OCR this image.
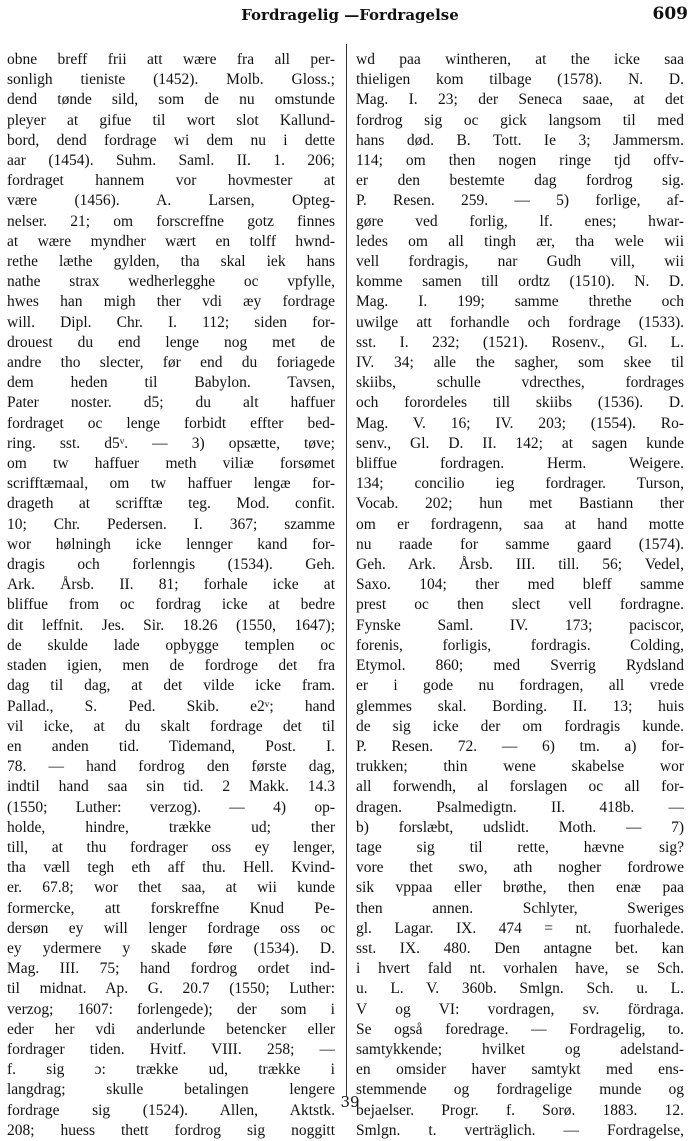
Fordragelig —Fordragelse	609
obne breff frii att wære fra all per-
sonligh tieniste (1452). Molb. Gloss.;
dend tønde sild, som de nu omstunde
pleyer at gifue til wort slot Kallund-
bord, dend fordrage wi dem nu i dette
aar (1454). Suhm. Saml. II. 1. 206;
fordraget hannem vor hovmester at
være (1456). A. Larsen, Opteg-
nelser. 21; om forscreffne gotz finnes
at wære myndher wært en tolff hwnd-
rethe læthe gylden, tha skal iek hans
nathe strax wedherlegghe oc vpfylle,
hwes han migh ther vdi æy fordrage
will. Dipl. Chr. I. 112; siden for-
drouest du end lenge nog met de
andre tho slecter, før end du foriagede
dem heden til Babylon. Tavsen,
Pater noster. d5; du alt haffuer
fordraget oc lenge forbidt effter bed-
ring. sst. d5ᵛ. — 3) opsætte, tøve;
om tw haffuer meth viliæ forsømet
scrifftæmaal, om tw haffuer lengæ for-
drageth at scrifftæ teg. Mod. confit.
10; Chr. Pedersen. I. 367; szamme
wor hølningh icke lennger kand for-
dragis och forlenngis (1534). Geh.
Ark. Årsb. II. 81; forhale icke at
bliffue from oc fordrag icke at bedre
dit leffnit. Jes. Sir. 18.26 (1550, 1647);
de skulde lade opbygge templen oc
staden igien, men de fordroge det fra
dag til dag, at det vilde icke fram.
Pallad., S. Ped. Skib. e2ᵛ; hand
vil icke, at du skalt fordrage det til
en anden tid. Tidemand, Post. I.
78. — hand fordrog den første dag,
indtil hand saa sin tid. 2 Makk. 14.3
(1550; Luther: verzog). — 4) op-
holde, hindre, trække ud; ther
till, at thu fordrager oss ey lenger,
tha væll tegh eth aff thu. Hell. Kvind-
er. 67.8; wor thet saa, at wii kunde
formercke, att forskreffne Knud Pe-
dersøn ey will lenger fordrage oss oc
ey ydermere y skade føre (1534). D.
Mag. III. 75; hand fordrog ordet ind-
til midnat. Ap. G. 20.7 (1550; Luther:
verzog; 1607: forlengede); der som i
eder her vdi anderlunde betencker eller
fordrager tiden. Hvitf. VIII. 258; —
f. sig ɔ: trække ud, trække i
langdrag; skulle betalingen lengere
fordrage sig (1524). Allen, Aktstk.
208; huess thett fordrog sig noggitt
wd paa wintheren, at the icke saa
thieligen kom tilbage (1578). N. D.
Mag. I. 23; der Seneca saae, at det
fordrog sig oc gick langsom til med
hans død. B. Tott. Ie 3; Jammersm.
114; om then nogen ringe tjd offv-
er den bestemte dag fordrog sig.
P. Resen. 259. — 5) forlige, af-
gøre ved forlig, lf. enes; hwar-
ledes om all tingh ær, tha wele wii
vell fordragis, nar Gudh vill, wii
komme samen till ordtz (1510). N. D.
Mag. I. 199; samme threthe och
uwilge att forhandle och fordrage (1533).
sst. I. 232; (1521). Rosenv., Gl. L.
IV. 34; alle the sagher, som skee til
skiibs, schulle vdrecthes, fordrages
och forordeles till skiibs (1536). D.
Mag. V. 16; IV. 203; (1554). Ro-
senv., Gl. D. II. 142; at sagen kunde
bliffue fordragen. Herm. Weigere.
134; concilio ieg fordrager. Turson,
Vocab. 202; hun met Bastiann ther
om er fordragenn, saa at hand motte
nu raade for samme gaard (1574).
Geh. Ark. Årsb. III. till. 56; Vedel,
Saxo. 104; ther med bleff samme
prest oc then slect vell fordragne.
Fynske Saml. IV. 173; paciscor,
forenis, forligis, fordragis. Colding,
Etymol. 860; med Sverrig Rydsland
er i gode nu fordragen, all vrede
glemmes skal. Bording. II. 13; huis
de sig icke der om fordragis kunde.
P. Resen. 72. — 6) tm. a) for-
trukken; thin wene skabelse wor
all forwendh, al forslagen oc all for-
dragen. Psalmedigtn. II. 418b. —
b) forslæbt, udslidt. Moth. — 7)
tage sig til rette, hævne sig?
vore thet swo, ath nogher fordrowe
sik vppaa eller brøthe, then enæ paa
then annen. Schlyter, Sweriges
gl. Lagar. IX. 474 = nt. fuorhalede.
sst. IX. 480. Den antagne bet. kan
i hvert fald nt. vorhalen have, se Sch.
u. L. V. 360b. Smlgn. Sch. u. L.
V og VI: vordragen, sv. fördraga.
Se også foredrage. — Fordragelig, to.
samtykkende; hvilket og adelstand-
en omsider haver samtykt med ens-
stemmende og fordragelige munde og
bejaelser. Progr. f. Sorø. 1883. 12.
Smlgn. t. verträglich. — Fordragelse,
39
